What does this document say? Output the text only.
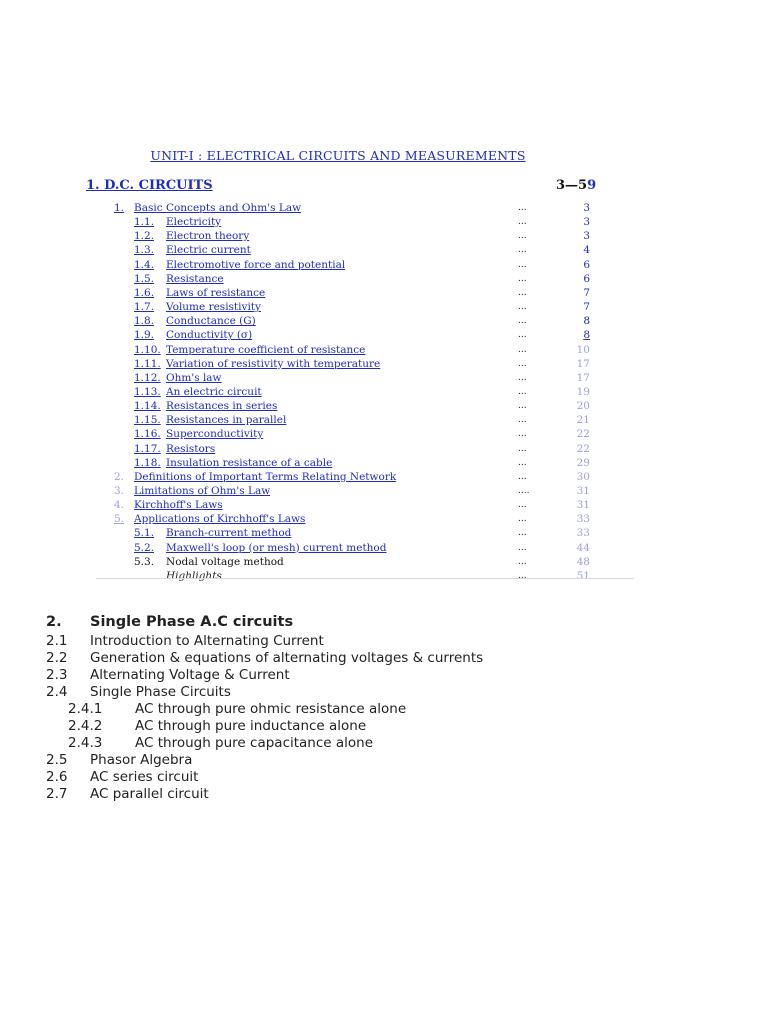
UNIT-I : ELECTRICAL CIRCUITS AND MEASUREMENTS
1. D.C. CIRCUITS	3—59
1. Basic Concepts and Ohm's Law	...	3
1.1. Electricity	...	3
1.2. Electron theory	...	3
1.3. Electric current	...	4
1.4. Electromotive force and potential	...	6
1.5. Resistance	...	6
1.6. Laws of resistance	...	7
1.7. Volume resistivity	...	7
1.8. Conductance (G)	...	8
1.9. Conductivity (σ)	...	8
1.10. Temperature coefficient of resistance	...	10
1.11. Variation of resistivity with temperature	...	17
1.12. Ohm's law	...	17
1.13. An electric circuit	...	19
1.14. Resistances in series	...	20
1.15. Resistances in parallel	...	21
1.16. Superconductivity	...	22
1.17. Resistors	...	22
1.18. Insulation resistance of a cable	...	29
2. Definitions of Important Terms Relating Network	...	30
3. Limitations of Ohm's Law	....	31
4. Kirchhoff's Laws	...	31
5. Applications of Kirchhoff's Laws	...	33
5.1. Branch-current method	...	33
5.2. Maxwell's loop (or mesh) current method	...	44
5.3. Nodal voltage method	...	48
Highlights	...	51
2. Single Phase A.C circuits
2.1 Introduction to Alternating Current
2.2 Generation & equations of alternating voltages & currents
2.3 Alternating Voltage & Current
2.4 Single Phase Circuits
2.4.1 AC through pure ohmic resistance alone
2.4.2 AC through pure inductance alone
2.4.3 AC through pure capacitance alone
2.5 Phasor Algebra
2.6 AC series circuit
2.7 AC parallel circuit
